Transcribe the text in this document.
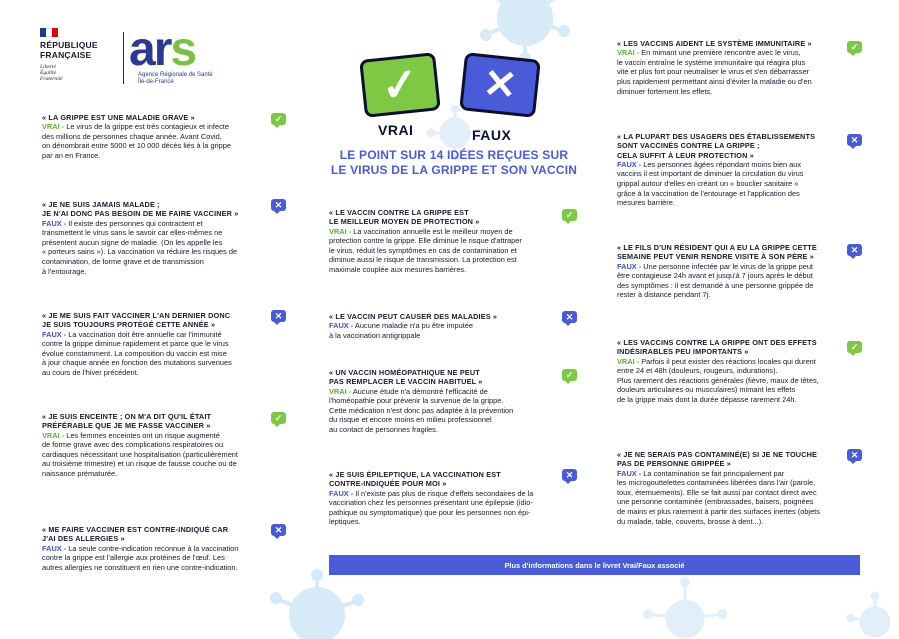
RÉPUBLIQUE
FRANÇAISE
Liberté
Égalité
Fraternité
ars
Agence Régionale de Santé
Île-de-France	✓ ✕
VRAI	FAUX
LE POINT SUR 14 IDÉES REÇUES SUR
LE VIRUS DE LA GRIPPE ET SON VACCIN
« LA GRIPPE EST UNE MALADIE GRAVE »
VRAI - Le virus de la grippe est très contagieux et infecte
des millions de personnes chaque année. Avant Covid,
on dénombrait entre 5000 et 10 000 décès liés à la grippe
par an en France.
✓
« JE NE SUIS JAMAIS MALADE ;
JE N'AI DONC PAS BESOIN DE ME FAIRE VACCINER »
FAUX - Il existe des personnes qui contractent et
transmettent le virus sans le savoir car elles-mêmes ne
présentent aucun signe de maladie. (On les appelle les
« porteurs sains »). La vaccination va réduire les risques de
contamination, de forme grave et de transmission
à l'entourage.
✕
« JE ME SUIS FAIT VACCINER L'AN DERNIER DONC
JE SUIS TOUJOURS PROTÉGÉ CETTE ANNÉE »
FAUX - La vaccination doit être annuelle car l'immunité
contre la grippe diminue rapidement et parce que le virus
évolue constamment. La composition du vaccin est mise
à jour chaque année en fonction des mutations survenues
au cours de l'hiver précédent.
✕
« JE SUIS ENCEINTE ; ON M'A DIT QU'IL ÉTAIT
PRÉFÉRABLE QUE JE ME FASSE VACCINER »
VRAI - Les femmes enceintes ont un risque augmenté
de forme grave avec des complications respiratoires ou
cardiaques nécessitant une hospitalisation (particulièrement
au troisième trimestre) et un risque de fausse couche ou de
naissance prématurée.
✓
« ME FAIRE VACCINER EST CONTRE-INDIQUÉ CAR
J'AI DES ALLERGIES »
FAUX - La seule contre-indication reconnue à la vaccination
contre la grippe est l'allergie aux protéines de l'œuf. Les
autres allergies ne constituent en rien une contre-indication.
✕
« LE VACCIN CONTRE LA GRIPPE EST
LE MEILLEUR MOYEN DE PROTECTION »
VRAI - La vaccination annuelle est le meilleur moyen de
protection contre la grippe. Elle diminue le risque d'attraper
le virus, réduit les symptômes en cas de contamination et
diminue aussi le risque de transmission. La protection est
maximale couplée aux mesures barrières.
✓
« LE VACCIN PEUT CAUSER DES MALADIES »
FAUX - Aucune maladie n'a pu être imputée
à la vaccination antigrippale
✕
« UN VACCIN HOMÉOPATHIQUE NE PEUT
PAS REMPLACER LE VACCIN HABITUEL »
VRAI - Aucune étude n'a démontré l'efficacité de
l'homéopathie pour prévenir la survenue de la grippe.
Cette médication n'est donc pas adaptée à la prévention
du risque et encore moins en milieu professionnel
au contact de personnes fragiles.
✓
« JE SUIS ÉPILEPTIQUE, LA VACCINATION EST
CONTRE-INDIQUÉE POUR MOI »
FAUX - Il n'existe pas plus de risque d'effets secondaires de la
vaccination chez les personnes présentant une épilepsie (idio-
pathique ou symptomatique) que pour les personnes non épi-
leptiques.
✕
« LES VACCINS AIDENT LE SYSTÈME IMMUNITAIRE »
VRAI - En mimant une première rencontre avec le virus,
le vaccin entraîne le système immunitaire qui réagira plus
vite et plus fort pour neutraliser le virus et s'en débarrasser
plus rapidement permettant ainsi d'éviter la maladie ou d'en
diminuer fortement les effets.
✓
« LA PLUPART DES USAGERS DES ÉTABLISSEMENTS
SONT VACCINÉS CONTRE LA GRIPPE ;
CELA SUFFIT À LEUR PROTECTION »
FAUX - Les personnes âgées répondant moins bien aux
vaccins il est important de diminuer la circulation du virus
grippal autour d'elles en créant un « bouclier sanitaire »
grâce à la vaccination de l'entourage et l'application des
mesures barrière.
✕
« LE FILS D'UN RÉSIDENT QUI A EU LA GRIPPE CETTE
SEMAINE PEUT VENIR RENDRE VISITE À SON PÈRE »
FAUX - Une personne infectée par le virus de la grippe peut
être contagieuse 24h avant et jusqu'à 7 jours après le début
des symptômes : il est demandé à une personne grippée de
rester à distance pendant 7j.
✕
« LES VACCINS CONTRE LA GRIPPE ONT DES EFFETS
INDÉSIRABLES PEU IMPORTANTS »
VRAI - Parfois il peut exister des réactions locales qui durent
entre 24 et 48h (douleurs, rougeurs, indurations).
Plus rarement des réactions générales (fièvre, maux de têtes,
douleurs articulaires ou musculaires) mimant les effets
de la grippe mais dont la durée dépasse rarement 24h.
✓
« JE NE SERAIS PAS CONTAMINÉ(E) SI JE NE TOUCHE
PAS DE PERSONNE GRIPPÉE »
FAUX - La contamination se fait principalement par
les microgouttelettes contaminées libérées dans l'air (parole,
toux, éternuements). Elle se fait aussi par contact direct avec
une personne contaminée (embrassades, baisers, poignées
de mains et plus rarement à partir des surfaces inertes (objets
du malade, table, couverts, brosse à dent...).
✕
Plus d'informations dans le livret Vrai/Faux associé
